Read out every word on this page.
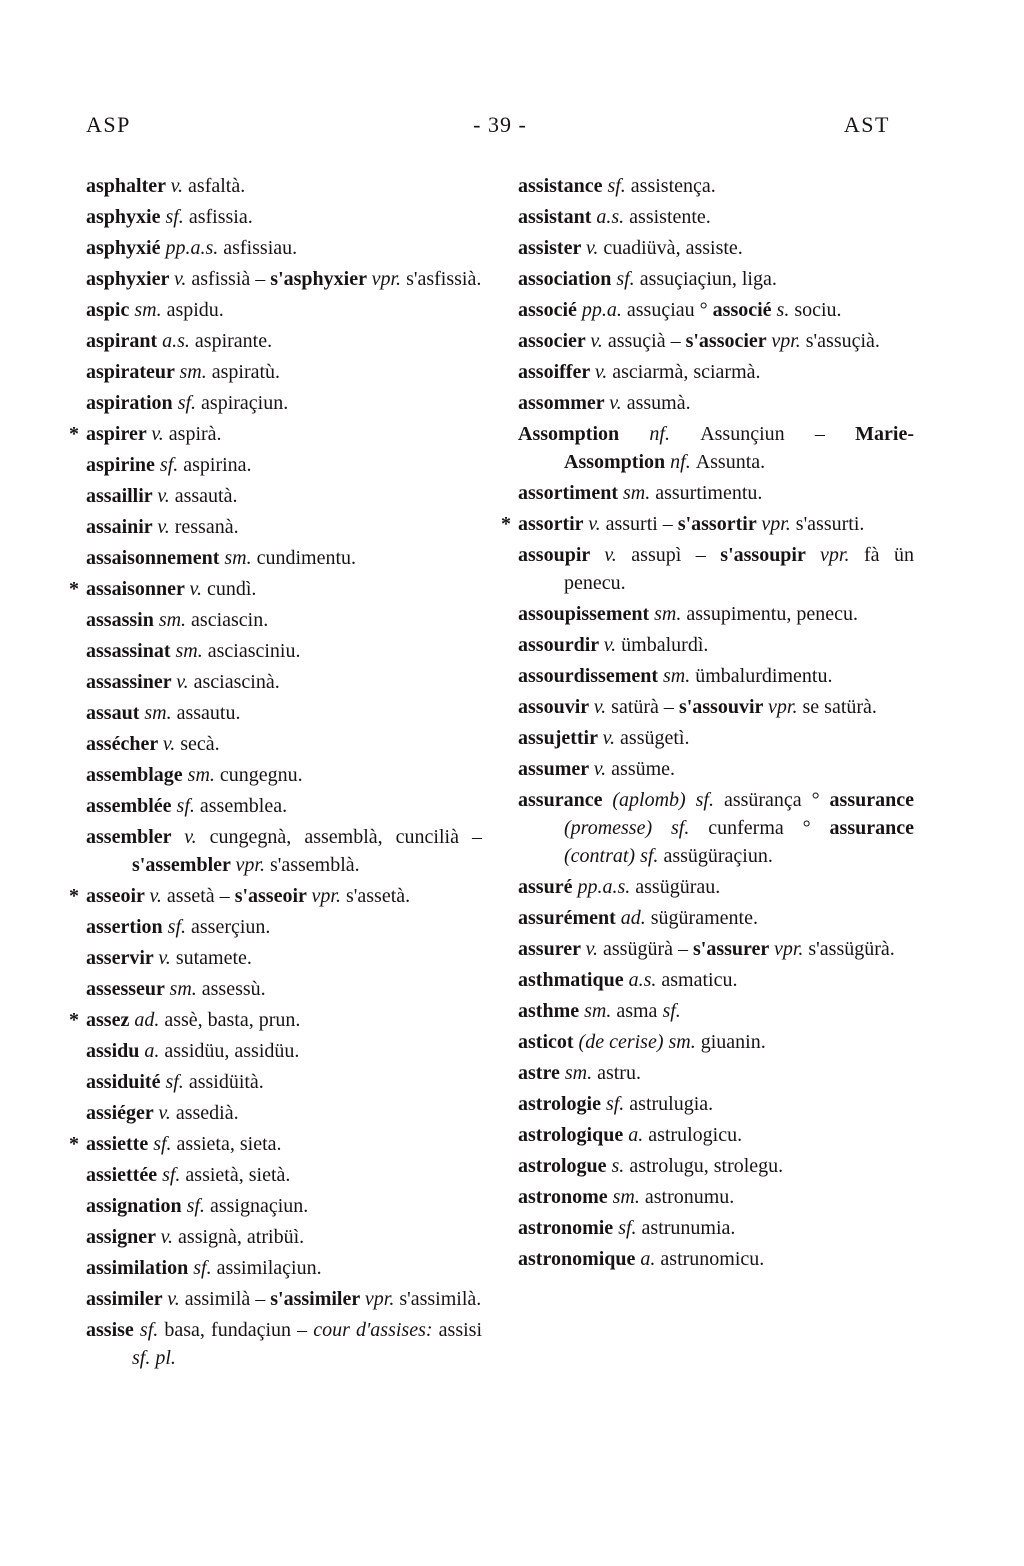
ASP	- 39 -	AST

asphalter v. asfaltà.

asphyxie sf. asfissia.

asphyxié pp.a.s. asfissiau.

asphyxier v. asfissià – s'asphyxier vpr. s'asfissià.

aspic sm. aspidu.

aspirant a.s. aspirante.

aspirateur sm. aspiratù.

aspiration sf. aspiraçiun.

* aspirer v. aspirà.

aspirine sf. aspirina.

assaillir v. assautà.

assainir v. ressanà.

assaisonnement sm. cundimentu.

* assaisonner v. cundì.

assassin sm. asciascin.

assassinat sm. asciasciniu.

assassiner v. asciascinà.

assaut sm. assautu.

assécher v. secà.

assemblage sm. cungegnu.

assemblée sf. assemblea.

assembler v. cungegnà, assemblà, cuncilià – s'assembler vpr. s'assemblà.

* asseoir v. assetà – s'asseoir vpr. s'assetà.

assertion sf. asserçiun.

asservir v. sutamete.

assesseur sm. assessù.

* assez ad. assè, basta, prun.

assidu a. assidüu, assidüu.

assiduité sf. assidüità.

assiéger v. assedià.

* assiette sf. assieta, sieta.

assiettée sf. assietà, sietà.

assignation sf. assignaçiun.

assigner v. assignà, atribüì.

assimilation sf. assimilaçiun.

assimiler v. assimilà – s'assimiler vpr. s'assimilà.

assise sf. basa, fundaçiun – cour d'assises: assisi sf. pl.

assistance sf. assistença.

assistant a.s. assistente.

assister v. cuadiüvà, assiste.

association sf. assuçiaçiun, liga.

associé pp.a. assuçiau ° associé s. sociu.

associer v. assuçià – s'associer vpr. s'assuçià.

assoiffer v. asciarmà, sciarmà.

assommer v. assumà.

Assomption nf. Assunçiun – Marie-Assomption nf. Assunta.

assortiment sm. assurtimentu.

* assortir v. assurti – s'assortir vpr. s'assurti.

assoupir v. assupì – s'assoupir vpr. fà ün penecu.

assoupissement sm. assupimentu, penecu.

assourdir v. ümbalurdì.

assourdissement sm. ümbalurdimentu.

assouvir v. satürà – s'assouvir vpr. se satürà.

assujettir v. assügetì.

assumer v. assüme.

assurance (aplomb) sf. assürança ° assurance (promesse) sf. cunferma ° assurance (contrat) sf. assügüraçiun.

assuré pp.a.s. assügürau.

assurément ad. sügüramente.

assurer v. assügürà – s'assurer vpr. s'assügürà.

asthmatique a.s. asmaticu.

asthme sm. asma sf.

asticot (de cerise) sm. giuanin.

astre sm. astru.

astrologie sf. astrulugia.

astrologique a. astrulogicu.

astrologue s. astrolugu, strolegu.

astronome sm. astronumu.

astronomie sf. astrunumia.

astronomique a. astrunomicu.
